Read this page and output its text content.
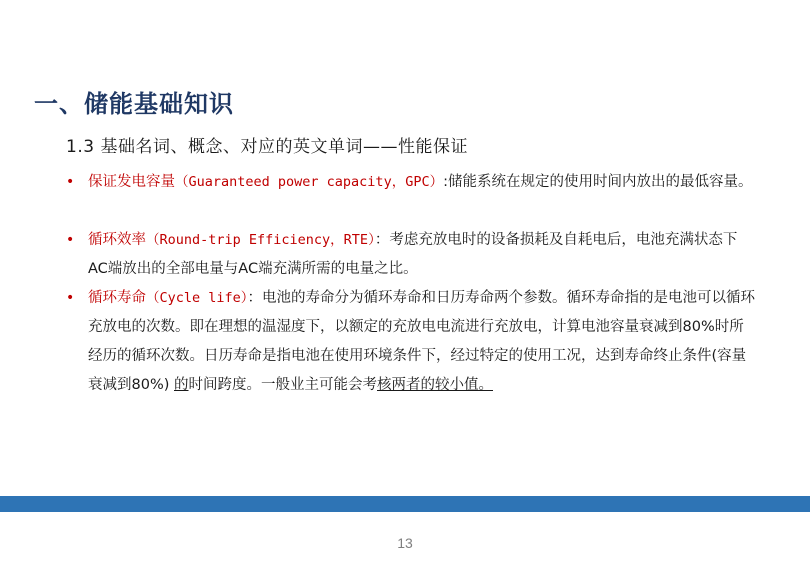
一、储能基础知识
1.3 基础名词、概念、对应的英文单词——性能保证
• 保证发电容量（Guaranteed power capacity，GPC）:储能系统在规定的使用时间内放出的最低容量。
• 循环效率（Round-trip Efficiency，RTE）：考虑充放电时的设备损耗及自耗电后，电池充满状态下AC端放出的全部电量与AC端充满所需的电量之比。
• 循环寿命（Cycle life）：电池的寿命分为循环寿命和日历寿命两个参数。循环寿命指的是电池可以循环充放电的次数。即在理想的温湿度下，以额定的充放电电流进行充放电，计算电池容量衰减到80%时所经历的循环次数。日历寿命是指电池在使用环境条件下，经过特定的使用工况，达到寿命终止条件(容量衰减到80%) 的时间跨度。一般业主可能会考核两者的较小值。
13
